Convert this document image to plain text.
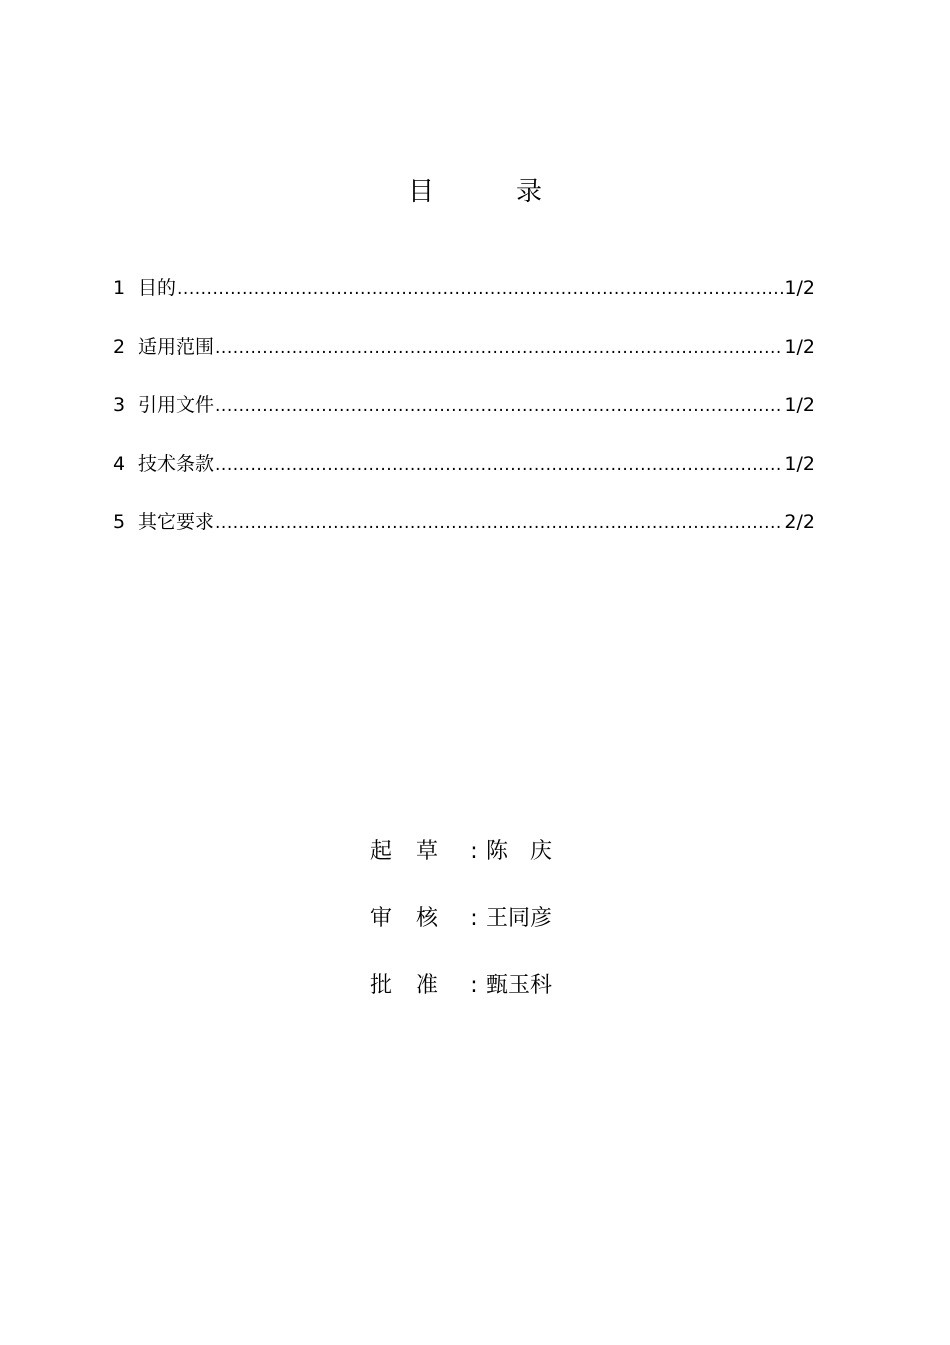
目　录
1 目的 .....	1/2
2 适用范围 .....	1/2
3 引用文件 .....	1/2
4 技术条款 .....	1/2
5 其它要求 .....	2/2
起草 : 陈　庆
审核 : 王同彦
批准 : 甄玉科
